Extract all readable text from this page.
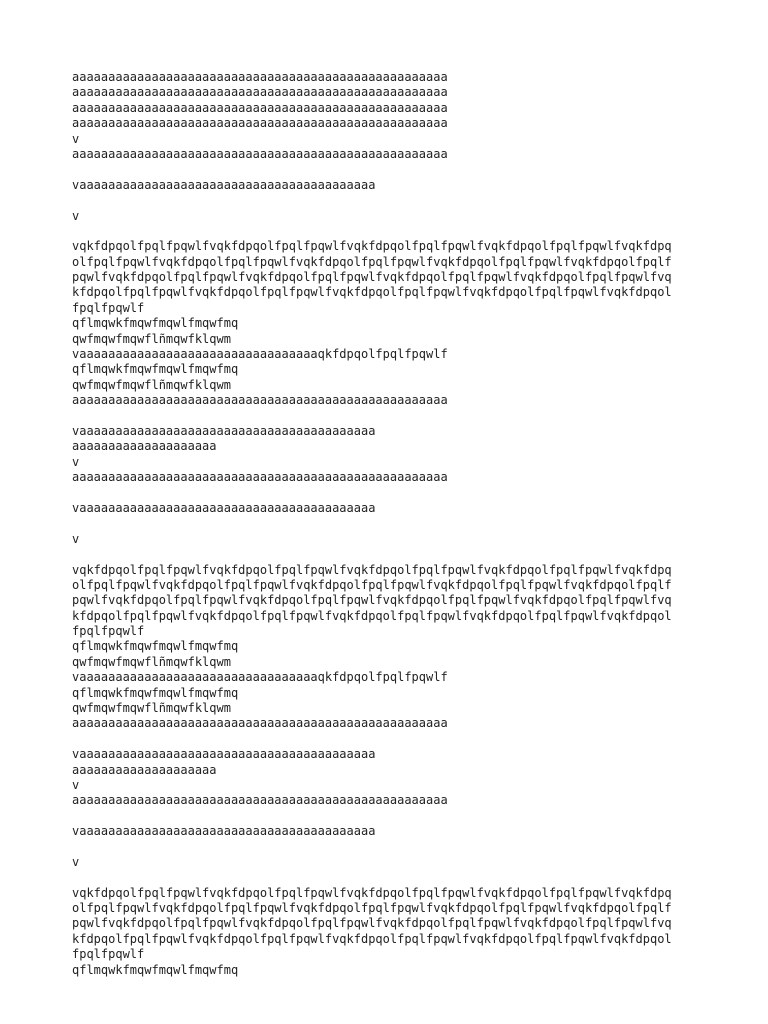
aaaaaaaaaaaaaaaaaaaaaaaaaaaaaaaaaaaaaaaaaaaaaaaaaaaa
aaaaaaaaaaaaaaaaaaaaaaaaaaaaaaaaaaaaaaaaaaaaaaaaaaaa
aaaaaaaaaaaaaaaaaaaaaaaaaaaaaaaaaaaaaaaaaaaaaaaaaaaa
aaaaaaaaaaaaaaaaaaaaaaaaaaaaaaaaaaaaaaaaaaaaaaaaaaaa
v
aaaaaaaaaaaaaaaaaaaaaaaaaaaaaaaaaaaaaaaaaaaaaaaaaaaa
vaaaaaaaaaaaaaaaaaaaaaaaaaaaaaaaaaaaaaaaaa
v
vqkfdpqolfpqlfpqwlfvqkfdpqolfpqlfpqwlfvqkfdpqolfpqlfpqwlfvqkfdpqolfpqlfpqwlfvqkfdpq
olfpqlfpqwlfvqkfdpqolfpqlfpqwlfvqkfdpqolfpqlfpqwlfvqkfdpqolfpqlfpqwlfvqkfdpqolfpqlf
pqwlfvqkfdpqolfpqlfpqwlfvqkfdpqolfpqlfpqwlfvqkfdpqolfpqlfpqwlfvqkfdpqolfpqlfpqwlfvq
kfdpqolfpqlfpqwlfvqkfdpqolfpqlfpqwlfvqkfdpqolfpqlfpqwlfvqkfdpqolfpqlfpqwlfvqkfdpqol
fpqlfpqwlf
qflmqwkfmqwfmqwlfmqwfmq
qwfmqwfmqwflñmqwfklqwm
vaaaaaaaaaaaaaaaaaaaaaaaaaaaaaaaaaqkfdpqolfpqlfpqwlf
qflmqwkfmqwfmqwlfmqwfmq
qwfmqwfmqwflñmqwfklqwm
aaaaaaaaaaaaaaaaaaaaaaaaaaaaaaaaaaaaaaaaaaaaaaaaaaaa
vaaaaaaaaaaaaaaaaaaaaaaaaaaaaaaaaaaaaaaaaa
aaaaaaaaaaaaaaaaaaaa
v
aaaaaaaaaaaaaaaaaaaaaaaaaaaaaaaaaaaaaaaaaaaaaaaaaaaa
vaaaaaaaaaaaaaaaaaaaaaaaaaaaaaaaaaaaaaaaaa
v
vqkfdpqolfpqlfpqwlfvqkfdpqolfpqlfpqwlfvqkfdpqolfpqlfpqwlfvqkfdpqolfpqlfpqwlfvqkfdpq
olfpqlfpqwlfvqkfdpqolfpqlfpqwlfvqkfdpqolfpqlfpqwlfvqkfdpqolfpqlfpqwlfvqkfdpqolfpqlf
pqwlfvqkfdpqolfpqlfpqwlfvqkfdpqolfpqlfpqwlfvqkfdpqolfpqlfpqwlfvqkfdpqolfpqlfpqwlfvq
kfdpqolfpqlfpqwlfvqkfdpqolfpqlfpqwlfvqkfdpqolfpqlfpqwlfvqkfdpqolfpqlfpqwlfvqkfdpqol
fpqlfpqwlf
qflmqwkfmqwfmqwlfmqwfmq
qwfmqwfmqwflñmqwfklqwm
vaaaaaaaaaaaaaaaaaaaaaaaaaaaaaaaaaqkfdpqolfpqlfpqwlf
qflmqwkfmqwfmqwlfmqwfmq
qwfmqwfmqwflñmqwfklqwm
aaaaaaaaaaaaaaaaaaaaaaaaaaaaaaaaaaaaaaaaaaaaaaaaaaaa
vaaaaaaaaaaaaaaaaaaaaaaaaaaaaaaaaaaaaaaaaa
aaaaaaaaaaaaaaaaaaaa
v
aaaaaaaaaaaaaaaaaaaaaaaaaaaaaaaaaaaaaaaaaaaaaaaaaaaa
vaaaaaaaaaaaaaaaaaaaaaaaaaaaaaaaaaaaaaaaaa
v
vqkfdpqolfpqlfpqwlfvqkfdpqolfpqlfpqwlfvqkfdpqolfpqlfpqwlfvqkfdpqolfpqlfpqwlfvqkfdpq
olfpqlfpqwlfvqkfdpqolfpqlfpqwlfvqkfdpqolfpqlfpqwlfvqkfdpqolfpqlfpqwlfvqkfdpqolfpqlf
pqwlfvqkfdpqolfpqlfpqwlfvqkfdpqolfpqlfpqwlfvqkfdpqolfpqlfpqwlfvqkfdpqolfpqlfpqwlfvq
kfdpqolfpqlfpqwlfvqkfdpqolfpqlfpqwlfvqkfdpqolfpqlfpqwlfvqkfdpqolfpqlfpqwlfvqkfdpqol
fpqlfpqwlf
qflmqwkfmqwfmqwlfmqwfmq
